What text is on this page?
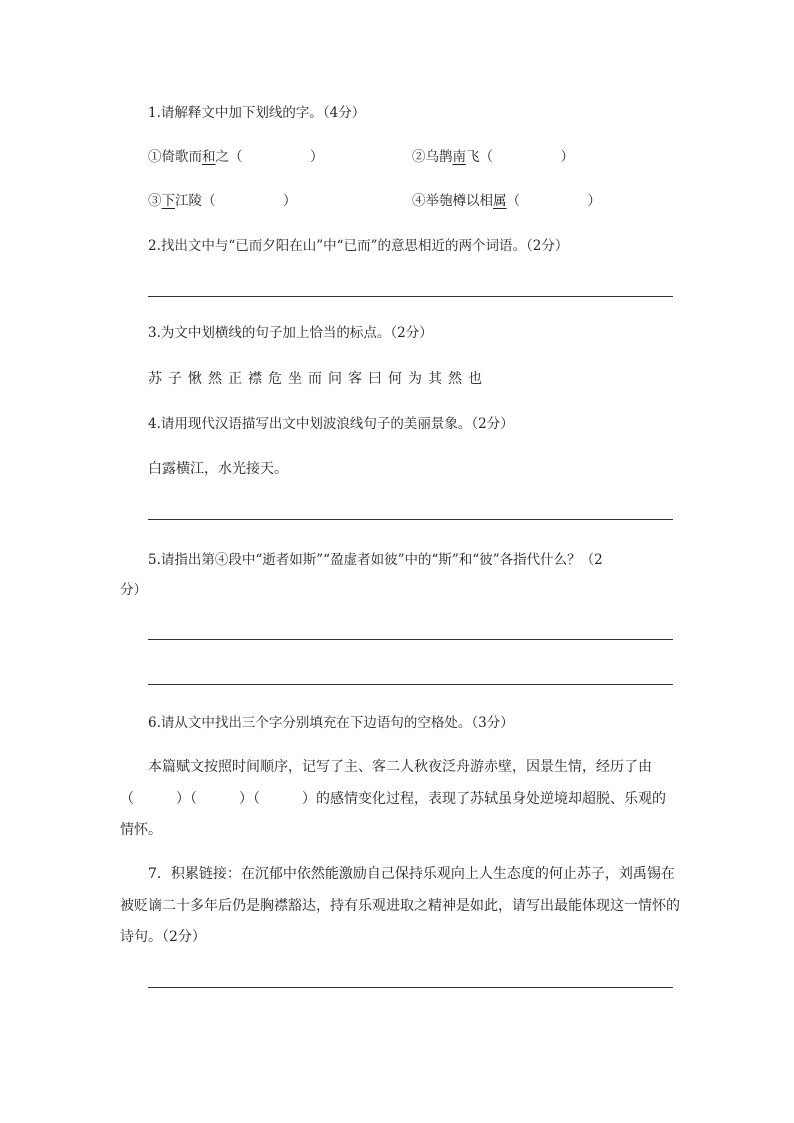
1.请解释文中加下划线的字。（4分）
①倚歌而和之（　　　　　）	②乌鹊南飞（　　　　　）
③下江陵（　　　　　）	④举匏樽以相属（　　　　　）
2.找出文中与“已而夕阳在山”中“已而”的意思相近的两个词语。（2分）
3.为文中划横线的句子加上恰当的标点。（2分）
苏子愀然正襟危坐而问客曰何为其然也
4.请用现代汉语描写出文中划波浪线句子的美丽景象。（2分）
白露横江，水光接天。
5.请指出第④段中“逝者如斯”“盈虚者如彼”中的“斯”和“彼”各指代什么？（2
分）
6.请从文中找出三个字分别填充在下边语句的空格处。（3分）
本篇赋文按照时间顺序，记写了主、客二人秋夜泛舟游赤壁，因景生情，经历了由
（　　　）（　　　）（　　　）的感情变化过程，表现了苏轼虽身处逆境却超脱、乐观的
情怀。
7．积累链接：在沉郁中依然能激励自己保持乐观向上人生态度的何止苏子，刘禹锡在
被贬谪二十多年后仍是胸襟豁达，持有乐观进取之精神是如此，请写出最能体现这一情怀的
诗句。（2分）
